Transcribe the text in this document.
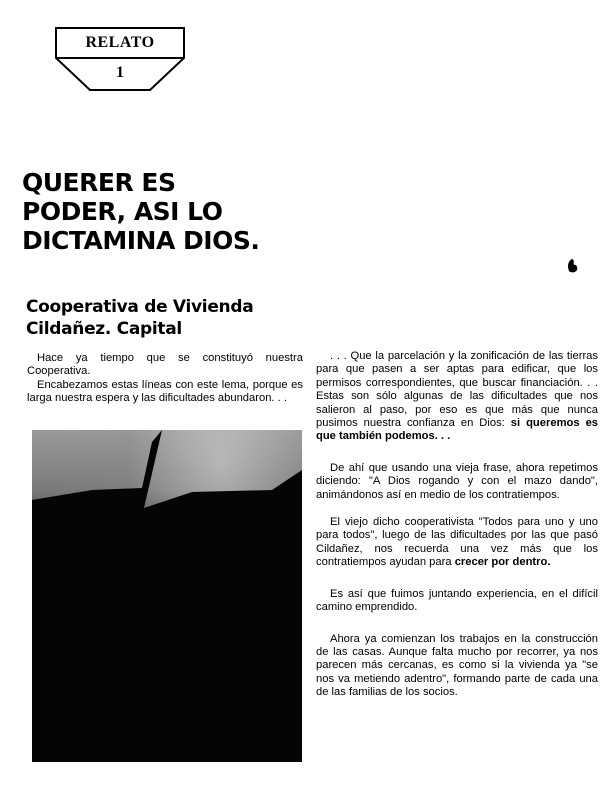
RELATO
1
QUERER ES
PODER, ASI LO
DICTAMINA DIOS.
Cooperativa de Vivienda
Cildañez. Capital

Hace ya tiempo que se constituyó nuestra Cooperativa.

Encabezamos estas líneas con este lema, porque es larga nuestra espera y las dificultades abundaron. . .

. . . Que la parcelación y la zonificación de las tierras para que pasen a ser aptas para edificar, que los permisos correspondientes, que buscar financiación. . . Estas son sólo algunas de las dificultades que nos salieron al paso, por eso es que más que nunca pusimos nuestra confianza en Dios: si queremos es que también podemos. . .

De ahí que usando una vieja frase, ahora repetimos diciendo: "A Dios rogando y con el mazo dando", animándonos así en medio de los contratiempos.

El viejo dicho cooperativista "Todos para uno y uno para todos", luego de las dificultades por las que pasó Cildañez, nos recuerda una vez más que los contratiempos ayudan para crecer por dentro.

Es así que fuimos juntando experiencia, en el difícil camino emprendido.

Ahora ya comienzan los trabajos en la construcción de las casas. Aunque falta mucho por recorrer, ya nos parecen más cercanas, es como si la vivienda ya "se nos va metiendo adentro", formando parte de cada una de las familias de los socios.
